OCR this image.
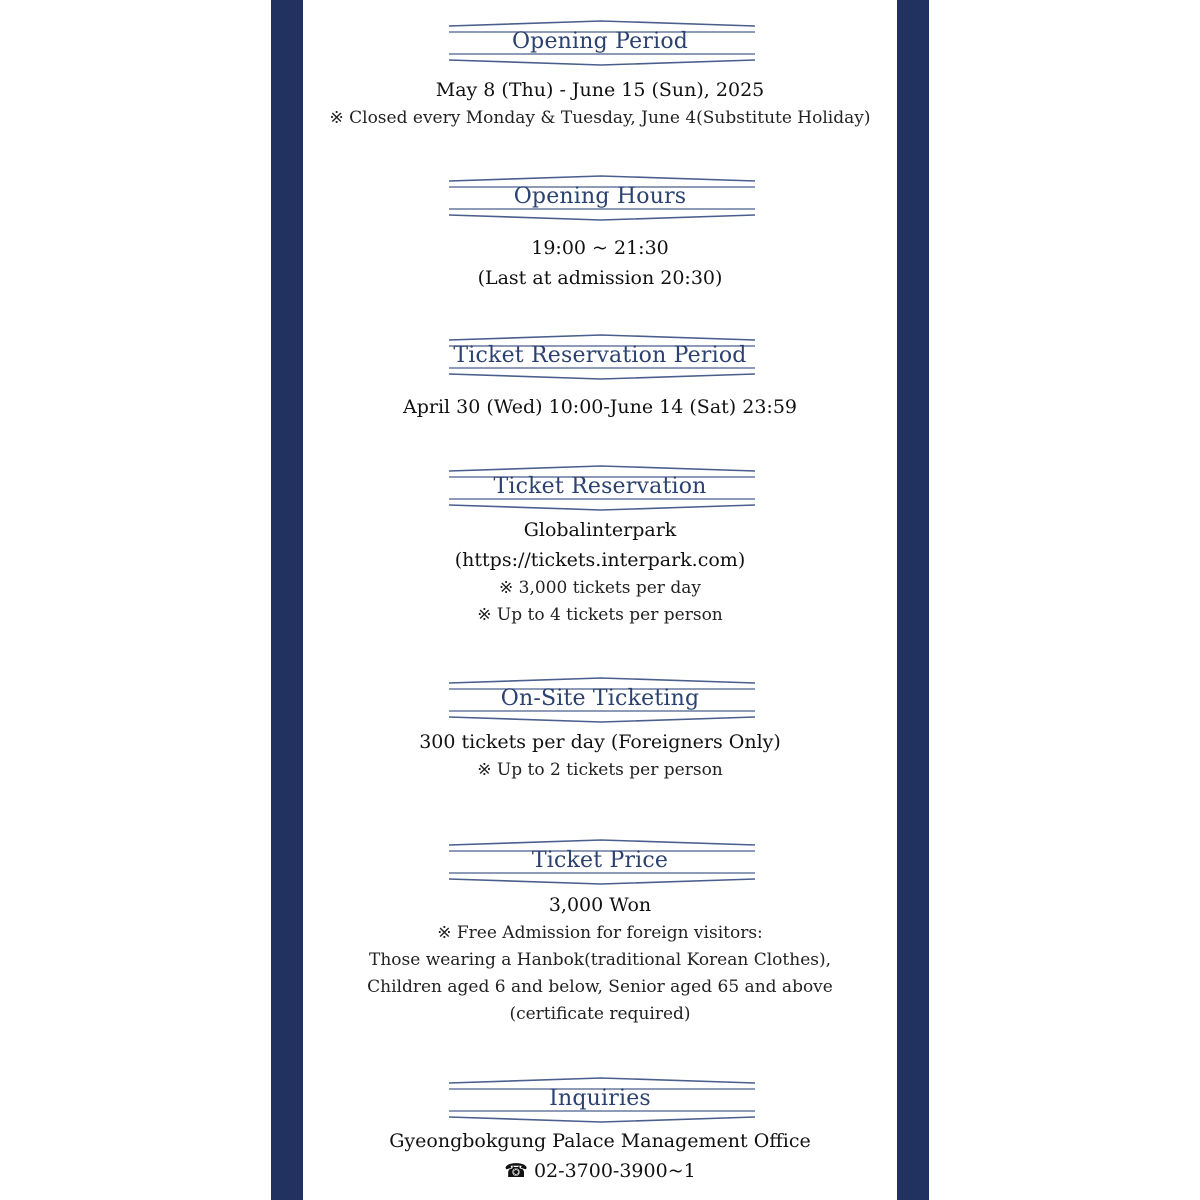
Opening Period
May 8 (Thu) - June 15 (Sun), 2025
※ Closed every Monday & Tuesday, June 4(Substitute Holiday)
Opening Hours
19:00 ~ 21:30
(Last at admission 20:30)
Ticket Reservation Period
April 30 (Wed) 10:00-June 14 (Sat) 23:59
Ticket Reservation
Globalinterpark
(https://tickets.interpark.com)
※ 3,000 tickets per day
※ Up to 4 tickets per person
On-Site Ticketing
300 tickets per day (Foreigners Only)
※ Up to 2 tickets per person
Ticket Price
3,000 Won
※ Free Admission for foreign visitors:
Those wearing a Hanbok(traditional Korean Clothes),
Children aged 6 and below, Senior aged 65 and above
(certificate required)
Inquiries
Gyeongbokgung Palace Management Office
☎ 02-3700-3900~1
